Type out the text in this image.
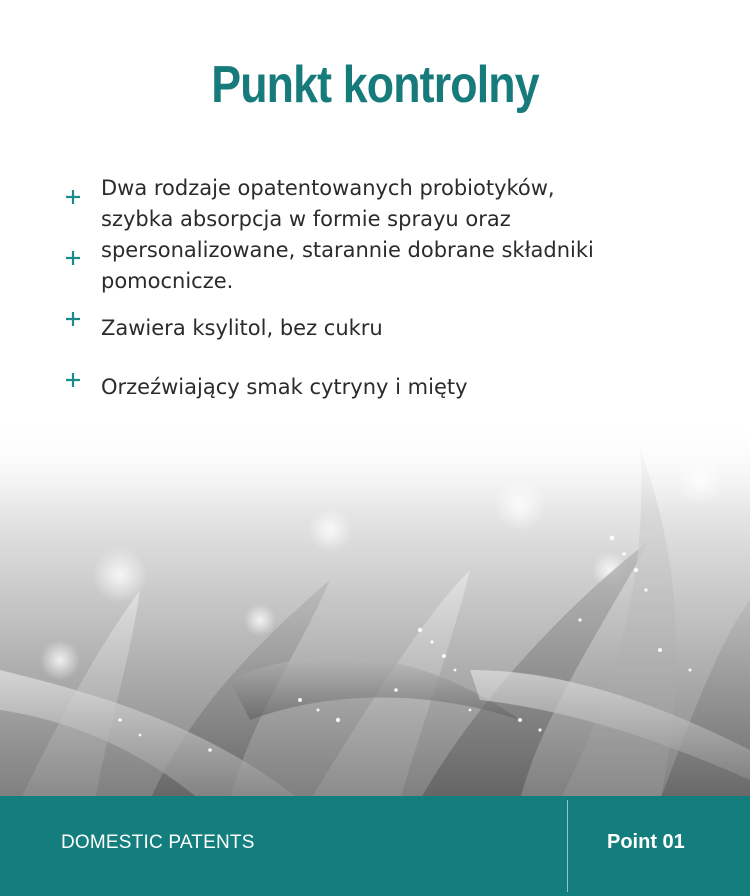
Punkt kontrolny
Dwa rodzaje opatentowanych probiotyków,
szybka absorpcja w formie sprayu oraz
spersonalizowane, starannie dobrane składniki
pomocnicze.
Zawiera ksylitol, bez cukru
Orzeźwiający smak cytryny i mięty
DOMESTIC PATENTS	Point 01
